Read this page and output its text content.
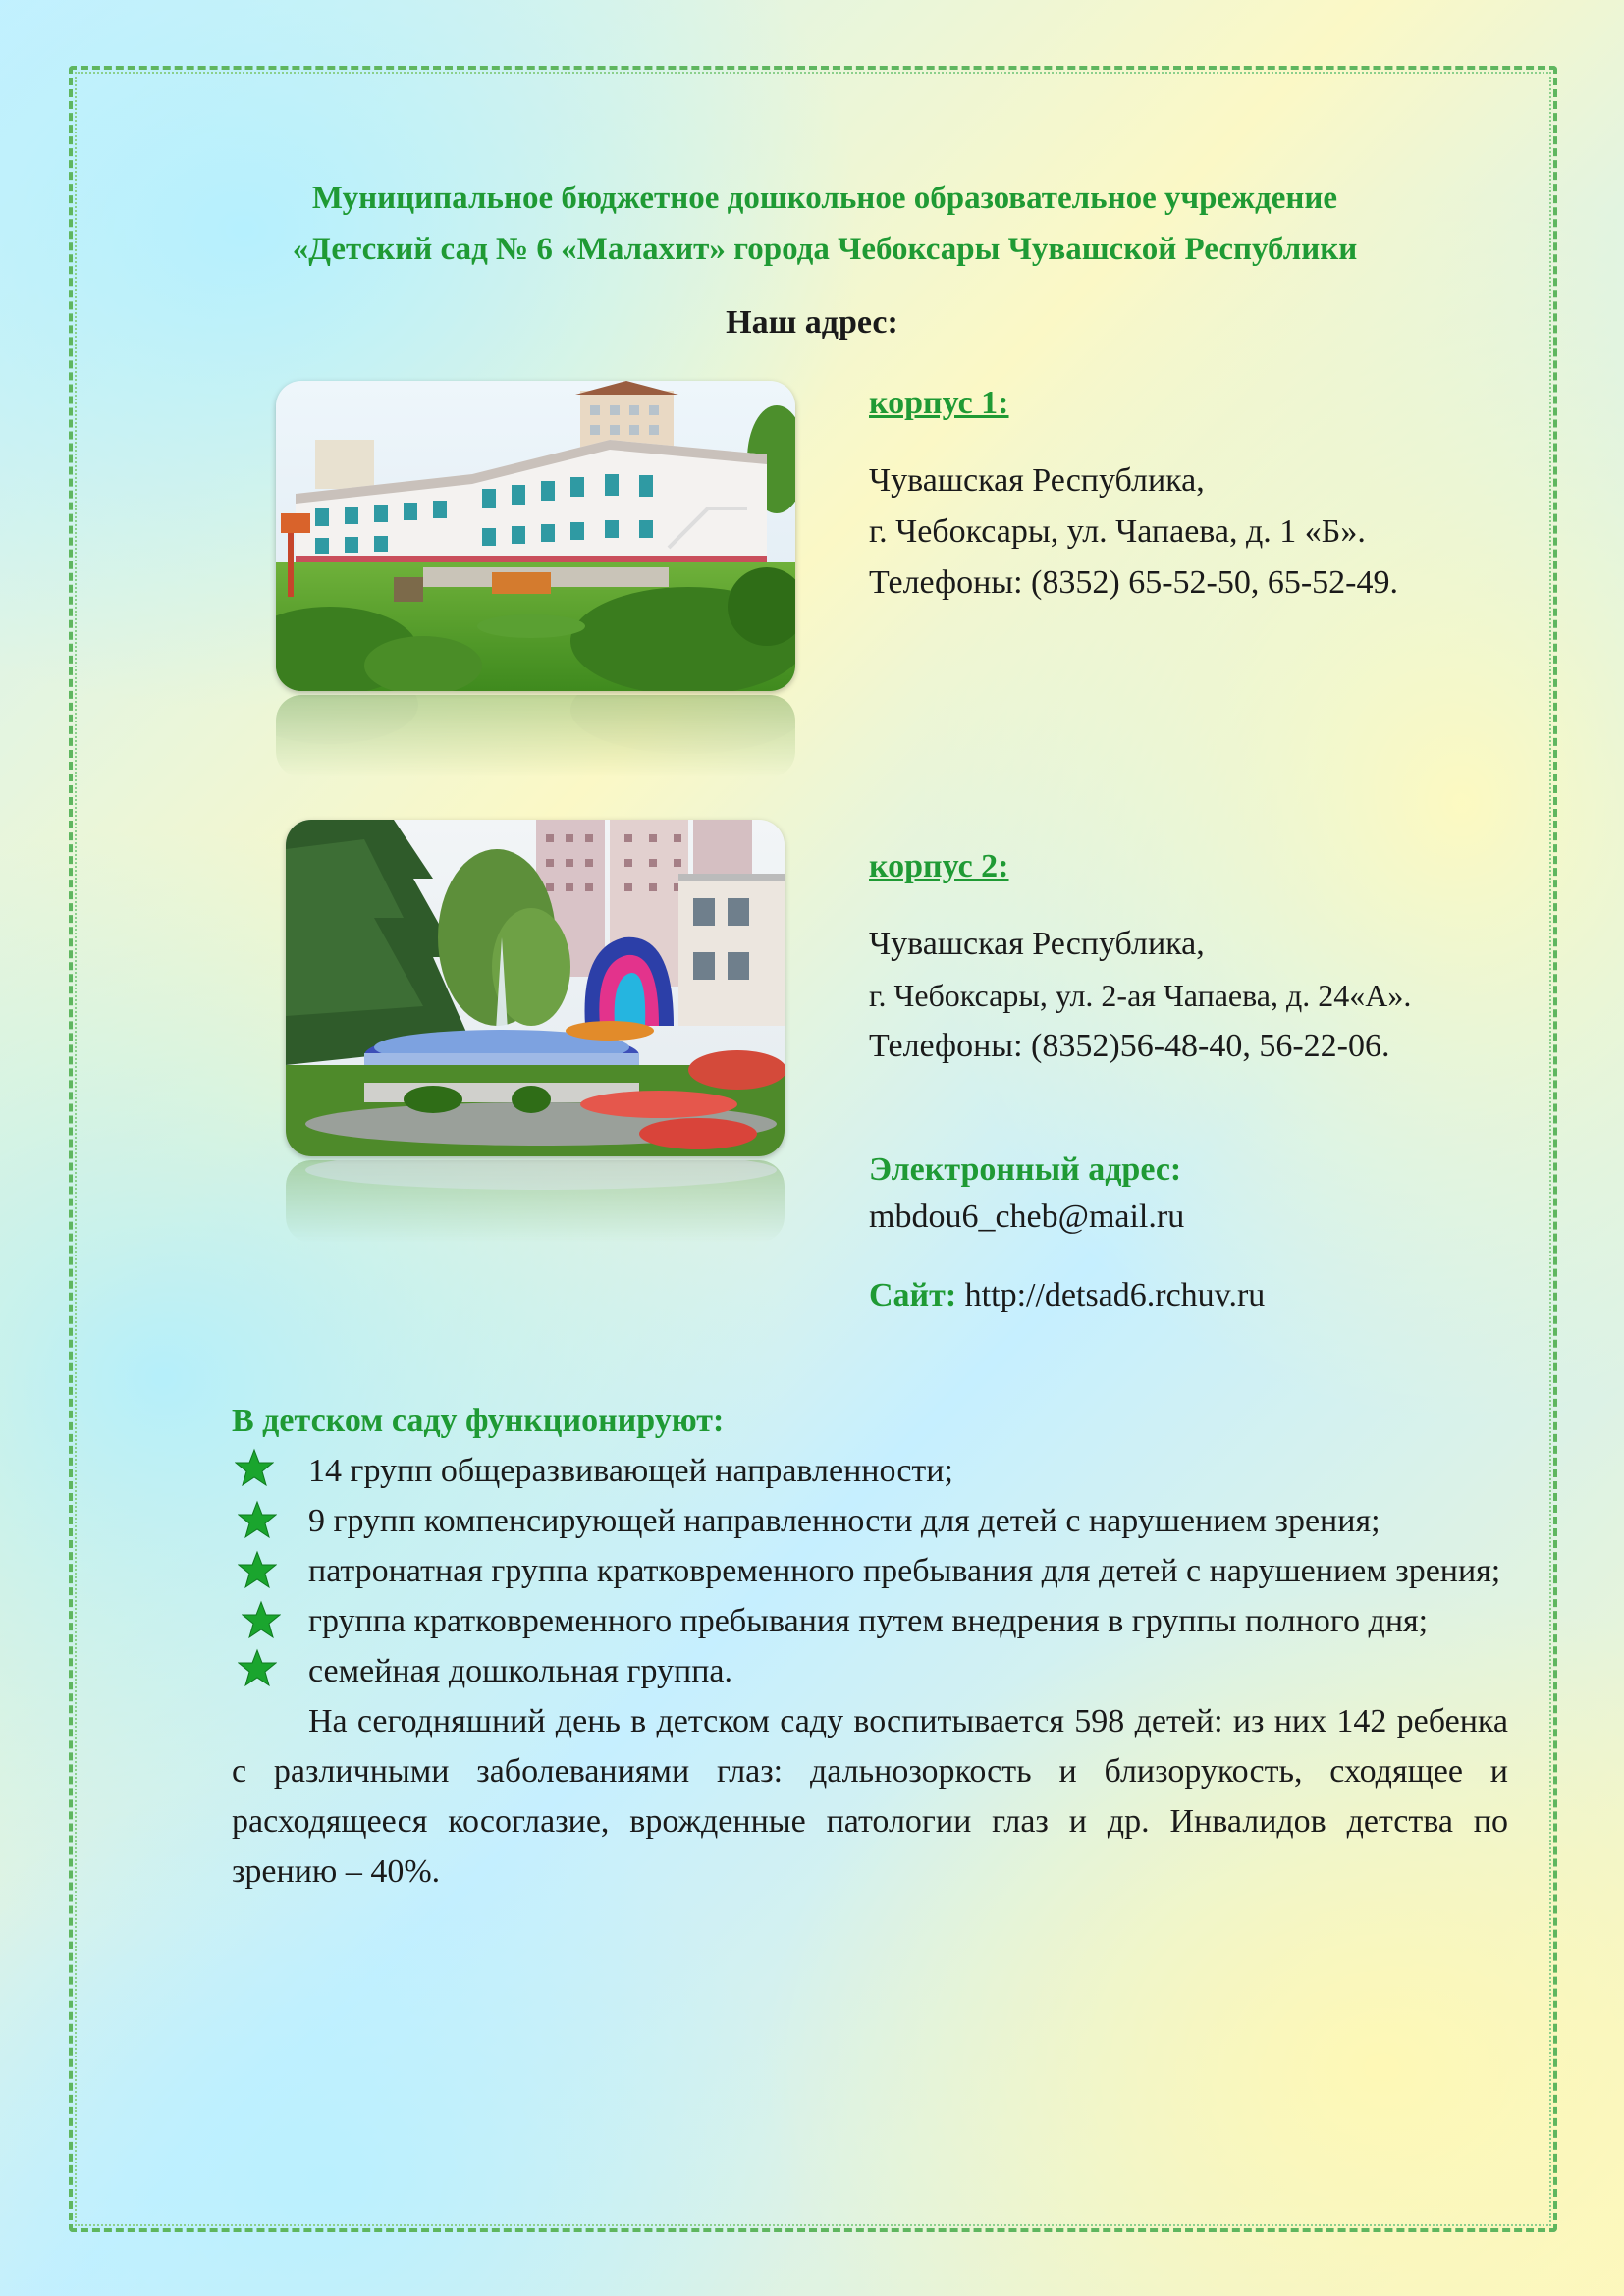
Муниципальное бюджетное дошкольное образовательное учреждение
«Детский сад № 6 «Малахит» города Чебоксары Чувашской Республики
Наш адрес:
корпус 1:
Чувашская Республика,
г. Чебоксары, ул. Чапаева, д. 1 «Б».
Телефоны: (8352) 65-52-50, 65-52-49.
корпус 2:
Чувашская Республика,
г. Чебоксары, ул. 2-ая Чапаева, д. 24«А».
Телефоны: (8352)56-48-40, 56-22-06.
Электронный адрес:
mbdou6_cheb@mail.ru
Сайт: http://detsad6.rchuv.ru
В детском саду функционируют:
14 групп общеразвивающей направленности;
9 групп компенсирующей направленности для детей с нарушением зрения;
патронатная группа кратковременного пребывания для детей с нарушением зрения;
группа кратковременного пребывания путем внедрения в группы полного дня;
семейная дошкольная группа.
На сегодняшний день в детском саду воспитывается 598 детей: из них 142 ребенка с различными заболеваниями глаз: дальнозоркость и близорукость, сходящее и расходящееся косоглазие, врожденные патологии глаз и др. Инвалидов детства по зрению – 40%.
